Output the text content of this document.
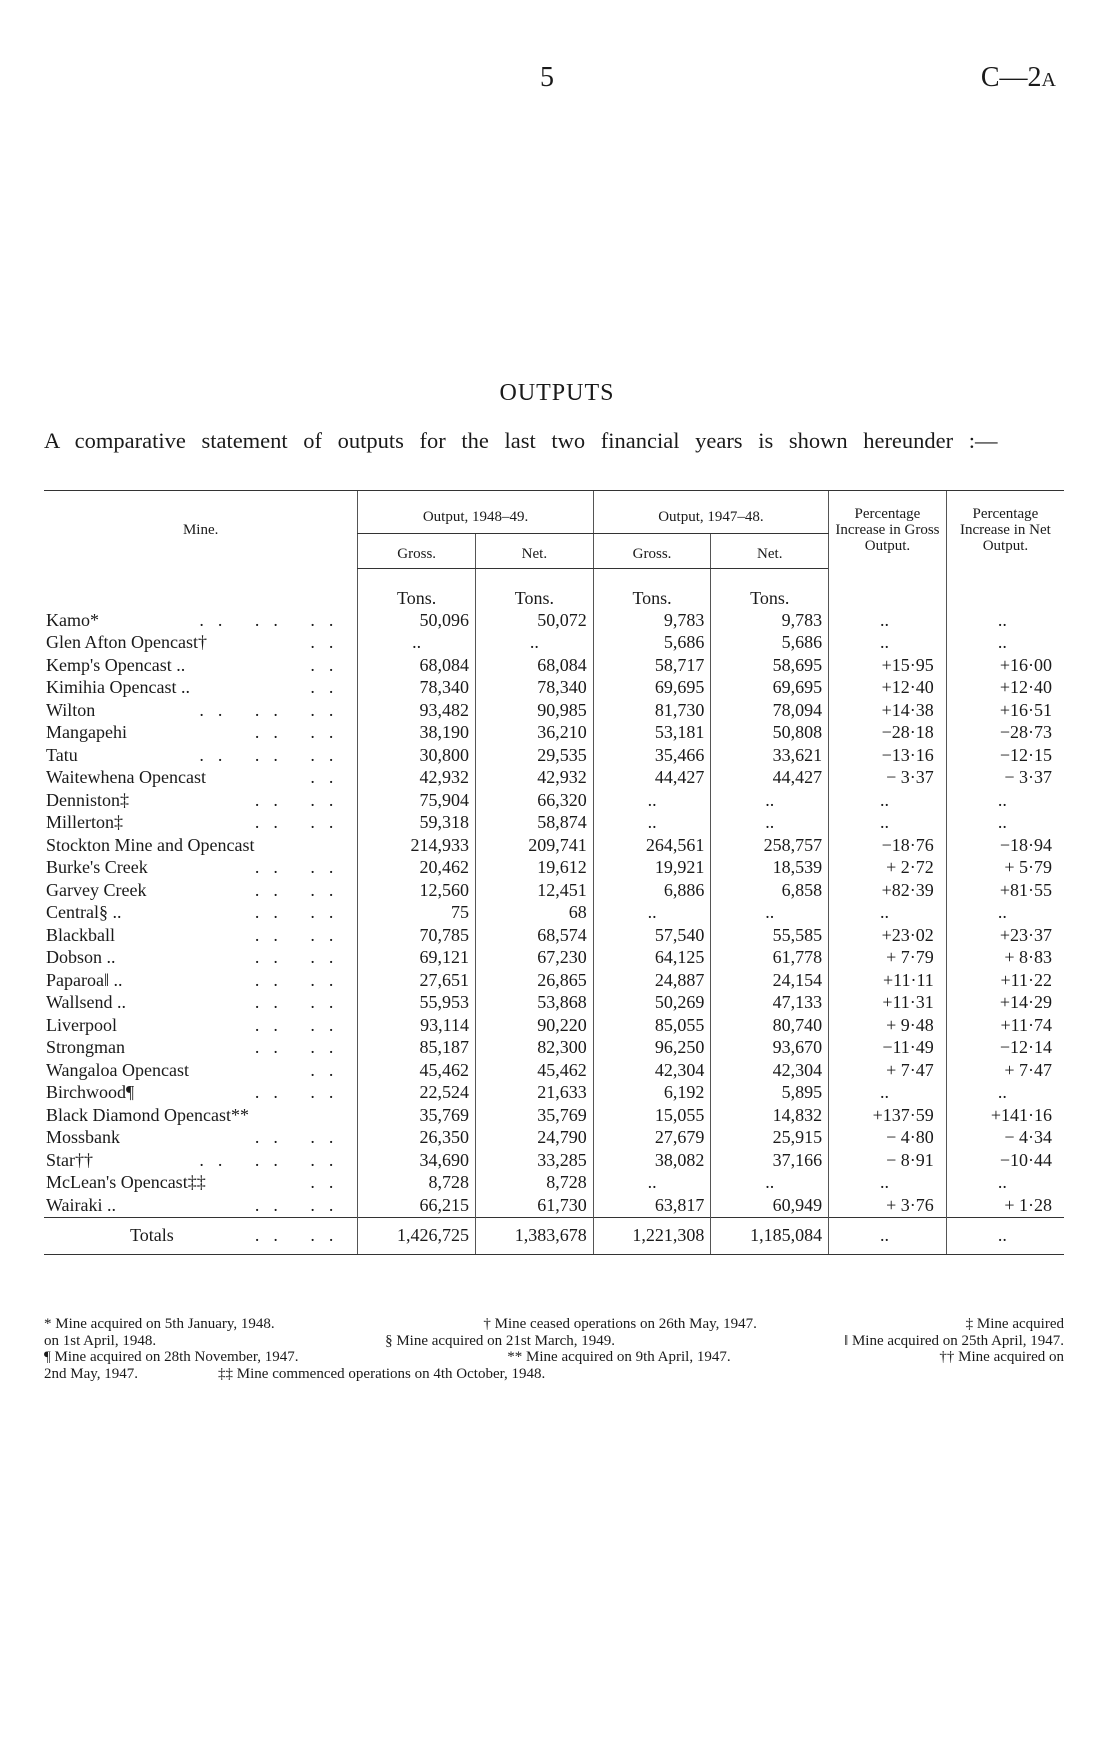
5	C—2A
OUTPUTS
A comparative statement of outputs for the last two financial years is shown hereunder :—
Mine.	Output, 1948–49.		Output, 1947–48.		Percentage Increase in Gross Output.	Percentage Increase in Net Output.
	Gross.	Net.	Gross.	Net.		
	Tons.	Tons.	Tons.	Tons.		
Kamo* .. .. ..	50,096	50,072	9,783	9,783	..	..
Glen Afton Opencast† ..	..	..	5,686	5,686	..	..
Kemp's Opencast .. ..	68,084	68,084	58,717	58,695	+15·95	+16·00
Kimihia Opencast .. ..	78,340	78,340	69,695	69,695	+12·40	+12·40
Wilton .. .. ..	93,482	90,985	81,730	78,094	+14·38	+16·51
Mangapehi .. ..	38,190	36,210	53,181	50,808	−28·18	−28·73
Tatu .. .. ..	30,800	29,535	35,466	33,621	−13·16	−12·15
Waitewhena Opencast ..	42,932	42,932	44,427	44,427	− 3·37	− 3·37
Denniston‡ .. ..	75,904	66,320	..	..	..	..
Millerton‡ .. ..	59,318	58,874	..	..	..	..
Stockton Mine and Opencast	214,933	209,741	264,561	258,757	−18·76	−18·94
Burke's Creek .. ..	20,462	19,612	19,921	18,539	+ 2·72	+ 5·79
Garvey Creek .. ..	12,560	12,451	6,886	6,858	+82·39	+81·55
Central§ .. .. ..	75	68	..	..	..	..
Blackball .. ..	70,785	68,574	57,540	55,585	+23·02	+23·37
Dobson .. .. ..	69,121	67,230	64,125	61,778	+ 7·79	+ 8·83
Paparoa‖ .. .. ..	27,651	26,865	24,887	24,154	+11·11	+11·22
Wallsend .. .. ..	55,953	53,868	50,269	47,133	+11·31	+14·29
Liverpool .. ..	93,114	90,220	85,055	80,740	+ 9·48	+11·74
Strongman .. ..	85,187	82,300	96,250	93,670	−11·49	−12·14
Wangaloa Opencast ..	45,462	45,462	42,304	42,304	+ 7·47	+ 7·47
Birchwood¶ .. ..	22,524	21,633	6,192	5,895	..	..
Black Diamond Opencast**	35,769	35,769	15,055	14,832	+137·59	+141·16
Mossbank .. ..	26,350	24,790	27,679	25,915	− 4·80	− 4·34
Star†† .. .. ..	34,690	33,285	38,082	37,166	− 8·91	−10·44
McLean's Opencast‡‡ ..	8,728	8,728	..	..	..	..
Wairaki .. .. ..	66,215	61,730	63,817	60,949	+ 3·76	+ 1·28
Totals .. ..	1,426,725	1,383,678	1,221,308	1,185,084	..	..
* Mine acquired on 5th January, 1948.	† Mine ceased operations on 26th May, 1947.	‡ Mine acquired
on 1st April, 1948.	§ Mine acquired on 21st March, 1949.	‖ Mine acquired on 25th April, 1947.
¶ Mine acquired on 28th November, 1947.	** Mine acquired on 9th April, 1947.	†† Mine acquired on
2nd May, 1947.	‡‡ Mine commenced operations on 4th October, 1948.
